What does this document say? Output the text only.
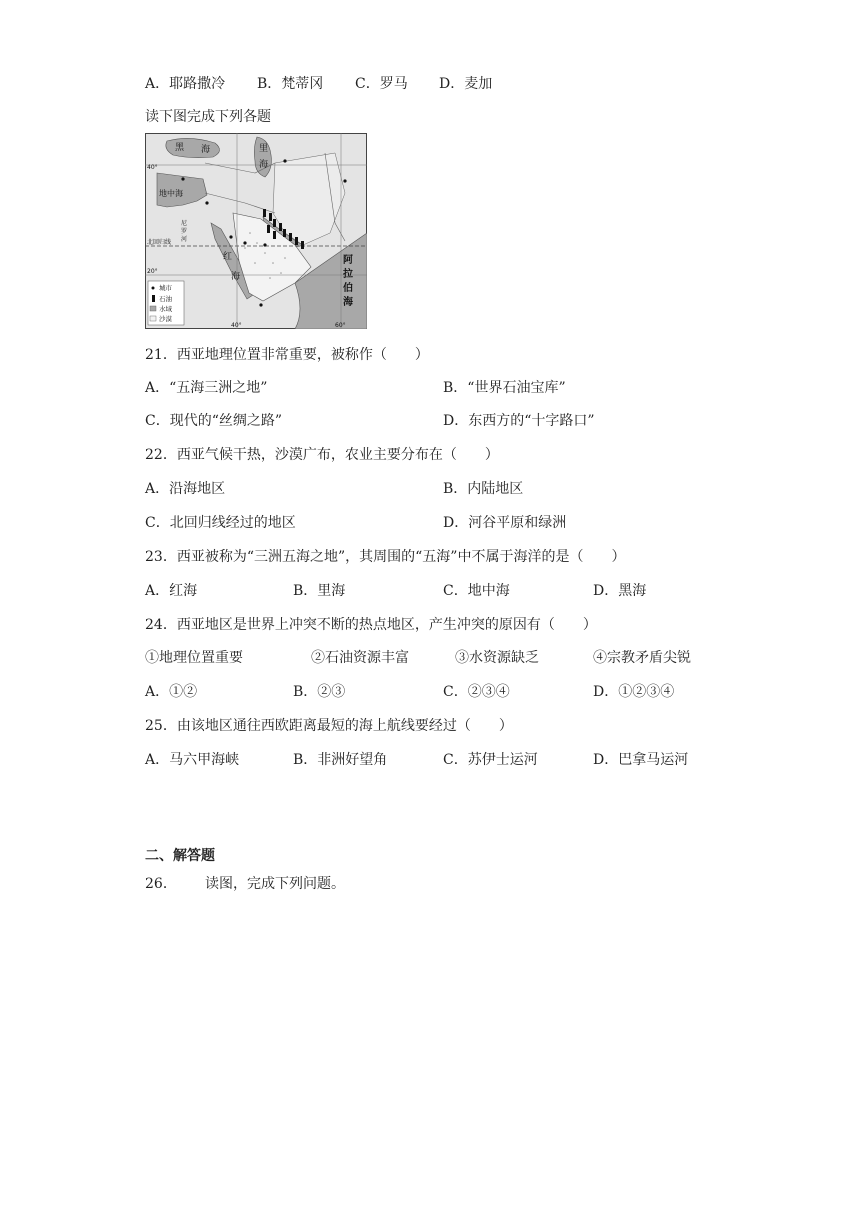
A．耶路撒冷 B．梵蒂冈 C．罗马 D．麦加
读下图完成下列各题
黑 海	里
海
地中海
红
海
阿
拉
伯
海
尼
罗
河
北回归线
40°
20°
40°	60°
城市
石油
水域
沙漠
21．西亚地理位置非常重要，被称作（　　）
A．“五海三洲之地”	B．“世界石油宝库”
C．现代的“丝绸之路”	D．东西方的“十字路口”
22．西亚气候干热，沙漠广布，农业主要分布在（　　）
A．沿海地区	B．内陆地区
C．北回归线经过的地区	D．河谷平原和绿洲
23．西亚被称为“三洲五海之地”，其周围的“五海”中不属于海洋的是（　　）
A．红海	B．里海	C．地中海	D．黑海
24．西亚地区是世界上冲突不断的热点地区，产生冲突的原因有（　　）
①地理位置重要	②石油资源丰富	③水资源缺乏	④宗教矛盾尖锐
A．①②	B．②③	C．②③④	D．①②③④
25．由该地区通往西欧距离最短的海上航线要经过（　　）
A．马六甲海峡	B．非洲好望角	C．苏伊士运河	D．巴拿马运河
二、解答题
26． 读图，完成下列问题。
